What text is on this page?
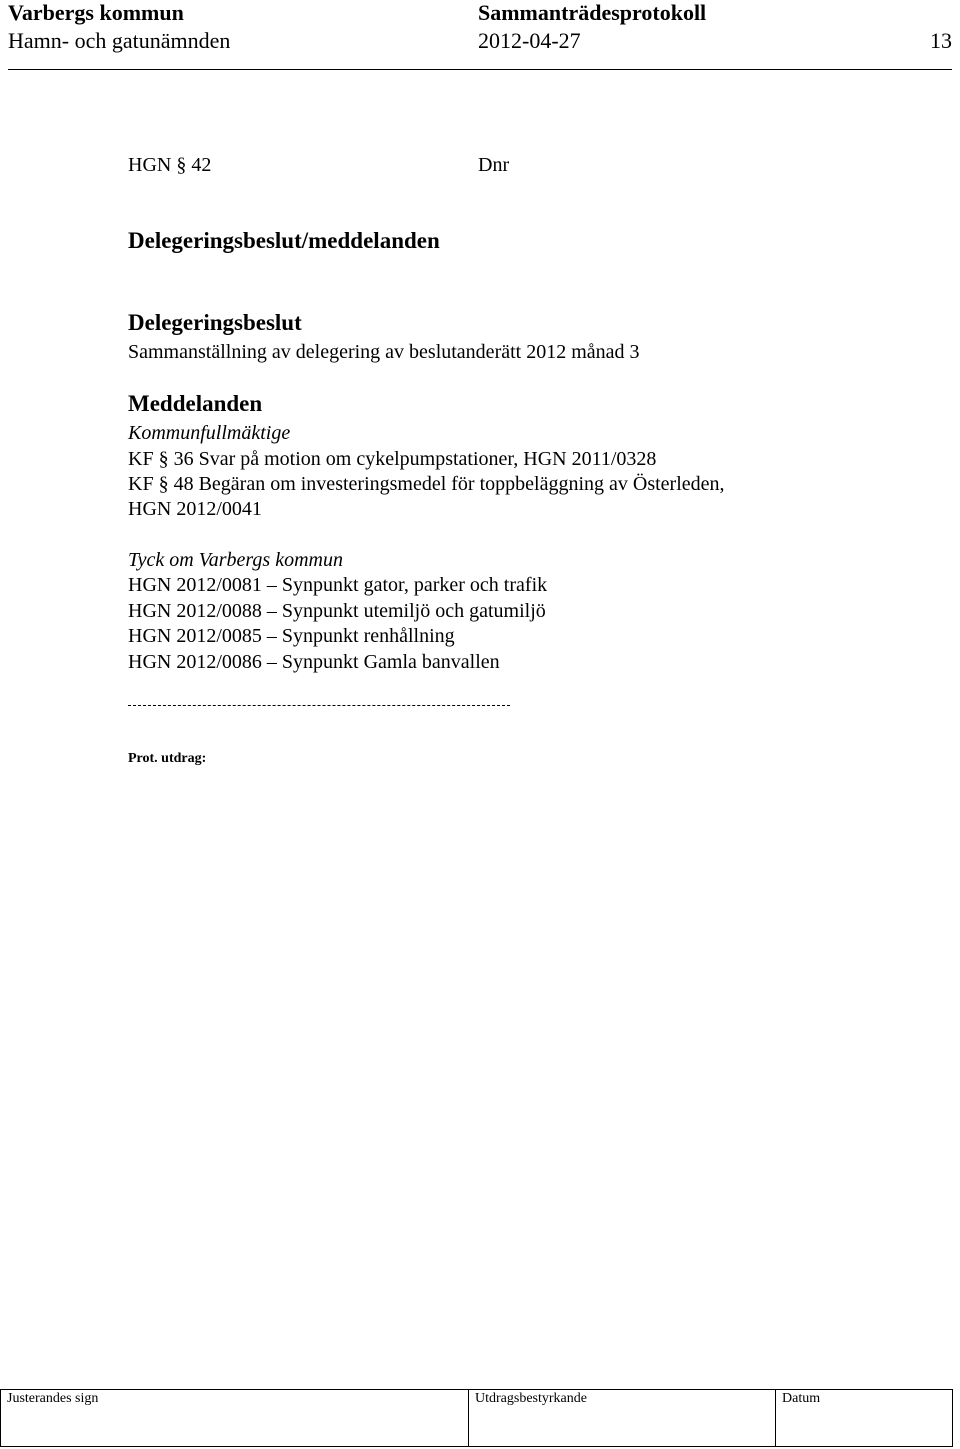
Varbergs kommun	Sammanträdesprotokoll
Hamn- och gatunämnden	2012-04-27	13
HGN § 42	Dnr
Delegeringsbeslut/meddelanden
Delegeringsbeslut
Sammanställning av delegering av beslutanderätt 2012 månad 3
Meddelanden
Kommunfullmäktige
KF § 36 Svar på motion om cykelpumpstationer, HGN 2011/0328
KF § 48 Begäran om investeringsmedel för toppbeläggning av Österleden,
HGN 2012/0041
Tyck om Varbergs kommun
HGN 2012/0081 – Synpunkt gator, parker och trafik
HGN 2012/0088 – Synpunkt utemiljö och gatumiljö
HGN 2012/0085 – Synpunkt renhållning
HGN 2012/0086 – Synpunkt Gamla banvallen
Prot. utdrag:
Justerandes sign	Utdragsbestyrkande	Datum
